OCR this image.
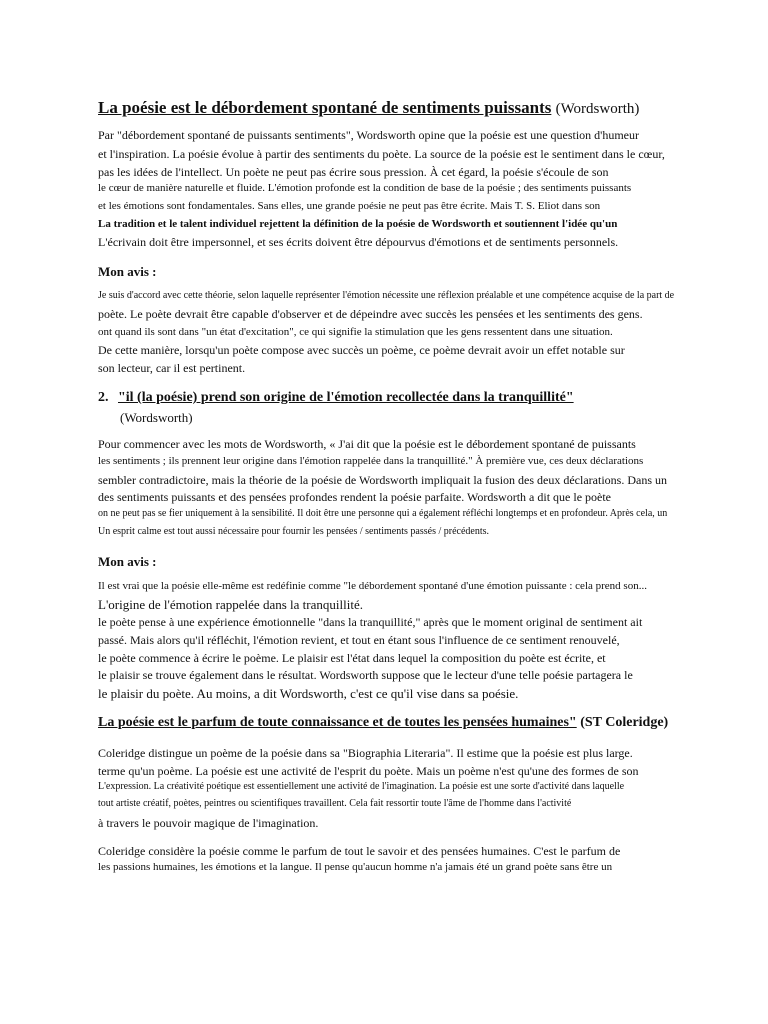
La poésie est le débordement spontané de sentiments puissants (Wordsworth)
Par "débordement spontané de puissants sentiments", Wordsworth opine que la poésie est une question d'humeur
et l'inspiration. La poésie évolue à partir des sentiments du poète. La source de la poésie est le sentiment dans le cœur,
pas les idées de l'intellect. Un poète ne peut pas écrire sous pression. À cet égard, la poésie s'écoule de son
le cœur de manière naturelle et fluide. L'émotion profonde est la condition de base de la poésie ; des sentiments puissants
et les émotions sont fondamentales. Sans elles, une grande poésie ne peut pas être écrite. Mais T. S. Eliot dans son
La tradition et le talent individuel rejettent la définition de la poésie de Wordsworth et soutiennent l'idée qu'un
L'écrivain doit être impersonnel, et ses écrits doivent être dépourvus d'émotions et de sentiments personnels.
Mon avis :
Je suis d'accord avec cette théorie, selon laquelle représenter l'émotion nécessite une réflexion préalable et une compétence acquise de la part de
poète. Le poète devrait être capable d'observer et de dépeindre avec succès les pensées et les sentiments des gens.
ont quand ils sont dans "un état d'excitation", ce qui signifie la stimulation que les gens ressentent dans une situation.
De cette manière, lorsqu'un poète compose avec succès un poème, ce poème devrait avoir un effet notable sur
son lecteur, car il est pertinent.
2. "il (la poésie) prend son origine de l'émotion recollectée dans la tranquillité"
(Wordsworth)
Pour commencer avec les mots de Wordsworth, « J'ai dit que la poésie est le débordement spontané de puissants
les sentiments ; ils prennent leur origine dans l'émotion rappelée dans la tranquillité." À première vue, ces deux déclarations
sembler contradictoire, mais la théorie de la poésie de Wordsworth impliquait la fusion des deux déclarations. Dans un
des sentiments puissants et des pensées profondes rendent la poésie parfaite. Wordsworth a dit que le poète
on ne peut pas se fier uniquement à la sensibilité. Il doit être une personne qui a également réfléchi longtemps et en profondeur. Après cela, un
Un esprit calme est tout aussi nécessaire pour fournir les pensées / sentiments passés / précédents.
Mon avis :
Il est vrai que la poésie elle-même est redéfinie comme "le débordement spontané d'une émotion puissante : cela prend son...
L'origine de l'émotion rappelée dans la tranquillité.
le poète pense à une expérience émotionnelle "dans la tranquillité," après que le moment original de sentiment ait
passé. Mais alors qu'il réfléchit, l'émotion revient, et tout en étant sous l'influence de ce sentiment renouvelé,
le poète commence à écrire le poème. Le plaisir est l'état dans lequel la composition du poète est écrite, et
le plaisir se trouve également dans le résultat. Wordsworth suppose que le lecteur d'une telle poésie partagera le
le plaisir du poète. Au moins, a dit Wordsworth, c'est ce qu'il vise dans sa poésie.
La poésie est le parfum de toute connaissance et de toutes les pensées humaines" (ST Coleridge)
Coleridge distingue un poème de la poésie dans sa "Biographia Literaria". Il estime que la poésie est plus large.
terme qu'un poème. La poésie est une activité de l'esprit du poète. Mais un poème n'est qu'une des formes de son
L'expression. La créativité poétique est essentiellement une activité de l'imagination. La poésie est une sorte d'activité dans laquelle
tout artiste créatif, poètes, peintres ou scientifiques travaillent. Cela fait ressortir toute l'âme de l'homme dans l'activité
à travers le pouvoir magique de l'imagination.
Coleridge considère la poésie comme le parfum de tout le savoir et des pensées humaines. C'est le parfum de
les passions humaines, les émotions et la langue. Il pense qu'aucun homme n'a jamais été un grand poète sans être un
